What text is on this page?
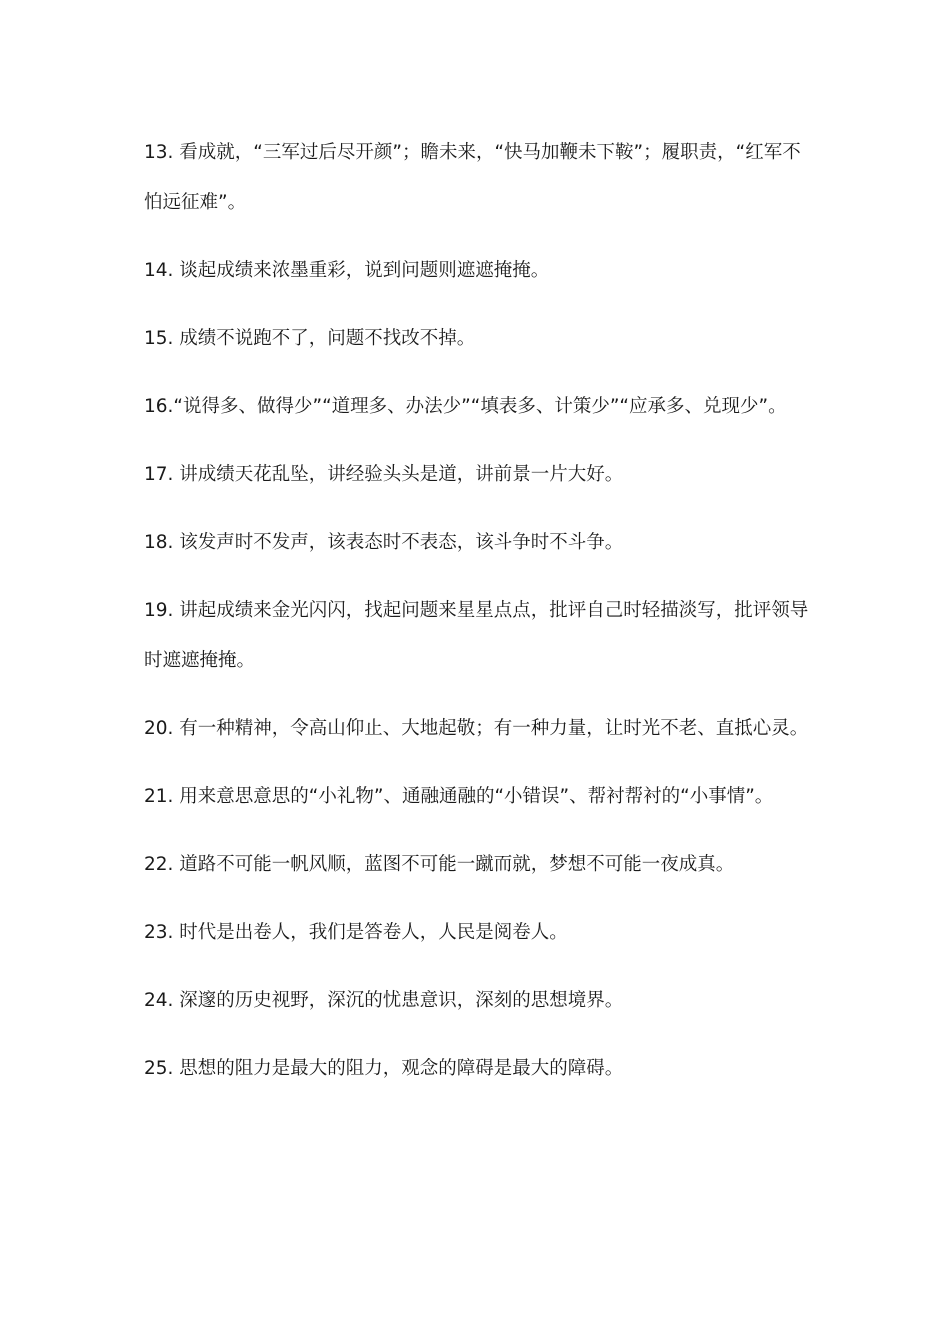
13. 看成就，“三军过后尽开颜”；瞻未来，“快马加鞭未下鞍”；履职责，“红军不怕远征难”。

14. 谈起成绩来浓墨重彩，说到问题则遮遮掩掩。

15. 成绩不说跑不了，问题不找改不掉。

16.“说得多、做得少”“道理多、办法少”“填表多、计策少”“应承多、兑现少”。

17. 讲成绩天花乱坠，讲经验头头是道，讲前景一片大好。

18. 该发声时不发声，该表态时不表态，该斗争时不斗争。

19. 讲起成绩来金光闪闪，找起问题来星星点点，批评自己时轻描淡写，批评领导时遮遮掩掩。

20. 有一种精神，令高山仰止、大地起敬；有一种力量，让时光不老、直抵心灵。

21. 用来意思意思的“小礼物”、通融通融的“小错误”、帮衬帮衬的“小事情”。

22. 道路不可能一帆风顺，蓝图不可能一蹴而就，梦想不可能一夜成真。

23. 时代是出卷人，我们是答卷人，人民是阅卷人。

24. 深邃的历史视野，深沉的忧患意识，深刻的思想境界。

25. 思想的阻力是最大的阻力，观念的障碍是最大的障碍。
